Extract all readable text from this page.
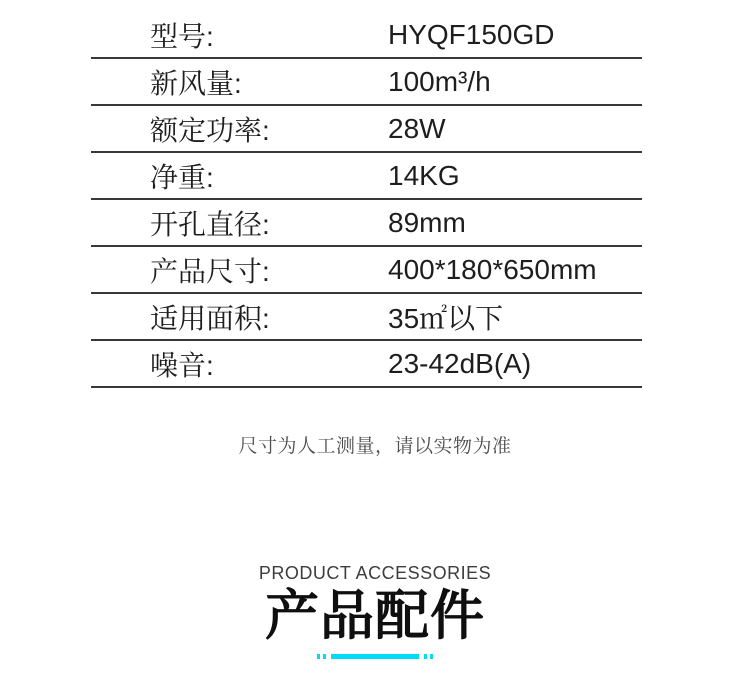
型号:	HYQF150GD
新风量:	100m³/h
额定功率:	28W
净重:	14KG
开孔直径:	89mm
产品尺寸:	400*180*650mm
适用面积:	35㎡以下
噪音:	23-42dB(A)
尺寸为人工测量，请以实物为准
PRODUCT ACCESSORIES
产品配件
